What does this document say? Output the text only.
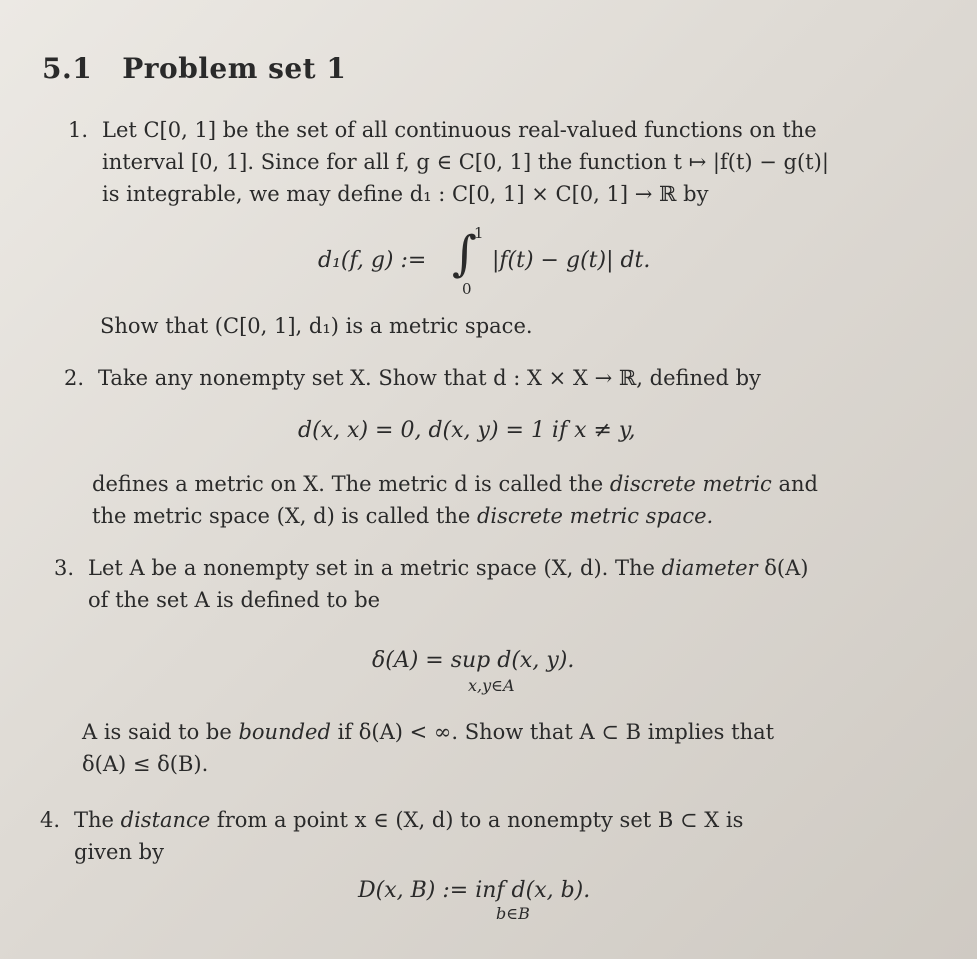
5.1 Problem set 1
1. Let C[0, 1] be the set of all continuous real-valued functions on the
interval [0, 1]. Since for all f, g ∈ C[0, 1] the function t ↦ |f(t) − g(t)|
is integrable, we may define d₁ : C[0, 1] × C[0, 1] → ℝ by
d₁(f, g) := ∫
1
0
|f(t) − g(t)| dt.
Show that (C[0, 1], d₁) is a metric space.
2. Take any nonempty set X. Show that d : X × X → ℝ, defined by
d(x, x) = 0, d(x, y) = 1 if x ≠ y,
defines a metric on X. The metric d is called the discrete metric and
the metric space (X, d) is called the discrete metric space.
3. Let A be a nonempty set in a metric space (X, d). The diameter δ(A)
of the set A is defined to be
δ(A) = sup d(x, y).
x,y∈A
A is said to be bounded if δ(A) < ∞. Show that A ⊂ B implies that
δ(A) ≤ δ(B).
4. The distance from a point x ∈ (X, d) to a nonempty set B ⊂ X is
given by
D(x, B) := inf d(x, b).
b∈B
